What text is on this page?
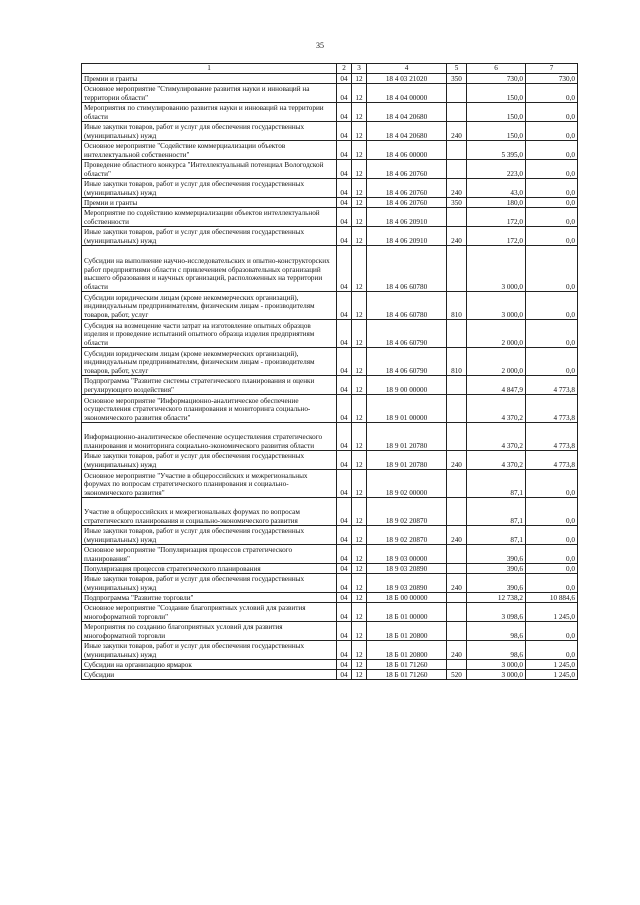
35
1	2	3	4	5	6	7
Премии и гранты	04	12	18 4 03 21020	350	730,0	730,0
Основное мероприятие "Стимулирование развития науки и инноваций на территории области"	04	12	18 4 04 00000		150,0	0,0
Мероприятия по стимулированию развития науки и инноваций на территории области	04	12	18 4 04 20680		150,0	0,0
Иные закупки товаров, работ и услуг для обеспечения государственных (муниципальных) нужд	04	12	18 4 04 20680	240	150,0	0,0
Основное мероприятие "Содействие коммерциализации объектов интеллектуальной собственности"	04	12	18 4 06 00000		5 395,0	0,0
Проведение областного конкурса "Интеллектуальный потенциал Вологодской области"	04	12	18 4 06 20760		223,0	0,0
Иные закупки товаров, работ и услуг для обеспечения государственных (муниципальных) нужд	04	12	18 4 06 20760	240	43,0	0,0
Премии и гранты	04	12	18 4 06 20760	350	180,0	0,0
Мероприятие по содействию коммерциализации объектов интеллектуальной собственности	04	12	18 4 06 20910		172,0	0,0
Иные закупки товаров, работ и услуг для обеспечения государственных (муниципальных) нужд	04	12	18 4 06 20910	240	172,0	0,0
Субсидии на выполнение научно-исследовательских и опытно-конструкторских работ предприятиями области с привлечением образовательных организаций высшего образования и научных организаций, расположенных на территории области	04	12	18 4 06 60780		3 000,0	0,0
Субсидии юридическим лицам (кроме некоммерческих организаций), индивидуальным предпринимателям, физическим лицам - производителям товаров, работ, услуг	04	12	18 4 06 60780	810	3 000,0	0,0
Субсидия на возмещение части затрат на изготовление опытных образцов изделия и проведение испытаний опытного образца изделия предприятиям области	04	12	18 4 06 60790		2 000,0	0,0
Субсидии юридическим лицам (кроме некоммерческих организаций), индивидуальным предпринимателям, физическим лицам - производителям товаров, работ, услуг	04	12	18 4 06 60790	810	2 000,0	0,0
Подпрограмма "Развитие системы стратегического планирования и оценки регулирующего воздействия"	04	12	18 9 00 00000		4 847,9	4 773,8
Основное мероприятие "Информационно-аналитическое обеспечение осуществления стратегического планирования и мониторинга социально-экономического развития области"	04	12	18 9 01 00000		4 370,2	4 773,8
Информационно-аналитическое обеспечение осуществления стратегического планирования и мониторинга социально-экономического развития области	04	12	18 9 01 20780		4 370,2	4 773,8
Иные закупки товаров, работ и услуг для обеспечения государственных (муниципальных) нужд	04	12	18 9 01 20780	240	4 370,2	4 773,8
Основное мероприятие "Участие в общероссийских и межрегиональных форумах по вопросам стратегического планирования и социально-экономического развития"	04	12	18 9 02 00000		87,1	0,0
Участие в общероссийских и межрегиональных форумах по вопросам стратегического планирования и социально-экономического развития	04	12	18 9 02 20870		87,1	0,0
Иные закупки товаров, работ и услуг для обеспечения государственных (муниципальных) нужд	04	12	18 9 02 20870	240	87,1	0,0
Основное мероприятие "Популяризация процессов стратегического планирования"	04	12	18 9 03 00000		390,6	0,0
Популяризация процессов стратегического планирования	04	12	18 9 03 20890		390,6	0,0
Иные закупки товаров, работ и услуг для обеспечения государственных (муниципальных) нужд	04	12	18 9 03 20890	240	390,6	0,0
Подпрограмма "Развитие торговли"	04	12	18 Б 00 00000		12 738,2	10 884,6
Основное мероприятие "Создание благоприятных условий для развития многоформатной торговли"	04	12	18 Б 01 00000		3 098,6	1 245,0
Мероприятия по созданию благоприятных условий для развития многоформатной торговли	04	12	18 Б 01 20800		98,6	0,0
Иные закупки товаров, работ и услуг для обеспечения государственных (муниципальных) нужд	04	12	18 Б 01 20800	240	98,6	0,0
Субсидии на организацию ярмарок	04	12	18 Б 01 71260		3 000,0	1 245,0
Субсидии	04	12	18 Б 01 71260	520	3 000,0	1 245,0
